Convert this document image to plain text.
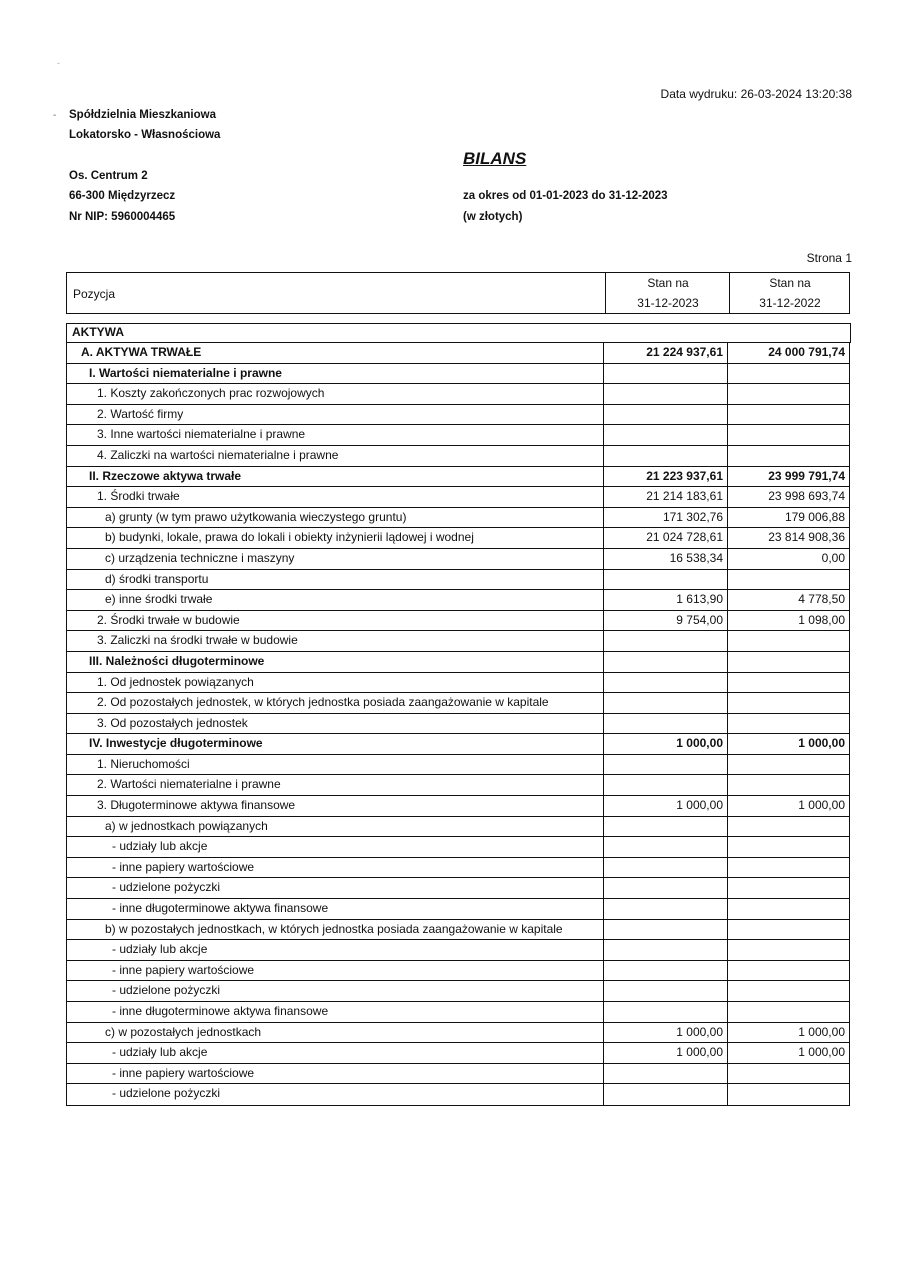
-
-
Data wydruku: 26-03-2024 13:20:38
Spółdzielnia Mieszkaniowa
Lokatorsko - Własnościowa
Os. Centrum 2
66-300 Międzyrzecz
Nr NIP: 5960004465
BILANS
za okres od 01-01-2023 do 31-12-2023
(w złotych)
Strona 1
Pozycja
Stan na
31-12-2023
Stan na
31-12-2022
AKTYWA
A. AKTYWA TRWAŁE	21 224 937,61	24 000 791,74
I. Wartości niematerialne i prawne
1. Koszty zakończonych prac rozwojowych
2. Wartość firmy
3. Inne wartości niematerialne i prawne
4. Zaliczki na wartości niematerialne i prawne
II. Rzeczowe aktywa trwałe	21 223 937,61	23 999 791,74
1. Środki trwałe	21 214 183,61	23 998 693,74
a) grunty (w tym prawo użytkowania wieczystego gruntu)	171 302,76	179 006,88
b) budynki, lokale, prawa do lokali i obiekty inżynierii lądowej i wodnej	21 024 728,61	23 814 908,36
c) urządzenia techniczne i maszyny	16 538,34	0,00
d) środki transportu
e) inne środki trwałe	1 613,90	4 778,50
2. Środki trwałe w budowie	9 754,00	1 098,00
3. Zaliczki na środki trwałe w budowie
III. Należności długoterminowe
1. Od jednostek powiązanych
2. Od pozostałych jednostek, w których jednostka posiada zaangażowanie w kapitale
3. Od pozostałych jednostek
IV. Inwestycje długoterminowe	1 000,00	1 000,00
1. Nieruchomości
2. Wartości niematerialne i prawne
3. Długoterminowe aktywa finansowe	1 000,00	1 000,00
a) w jednostkach powiązanych
- udziały lub akcje
- inne papiery wartościowe
- udzielone pożyczki
- inne długoterminowe aktywa finansowe
b) w pozostałych jednostkach, w których jednostka posiada zaangażowanie w kapitale
- udziały lub akcje
- inne papiery wartościowe
- udzielone pożyczki
- inne długoterminowe aktywa finansowe
c) w pozostałych jednostkach	1 000,00	1 000,00
- udziały lub akcje	1 000,00	1 000,00
- inne papiery wartościowe
- udzielone pożyczki
